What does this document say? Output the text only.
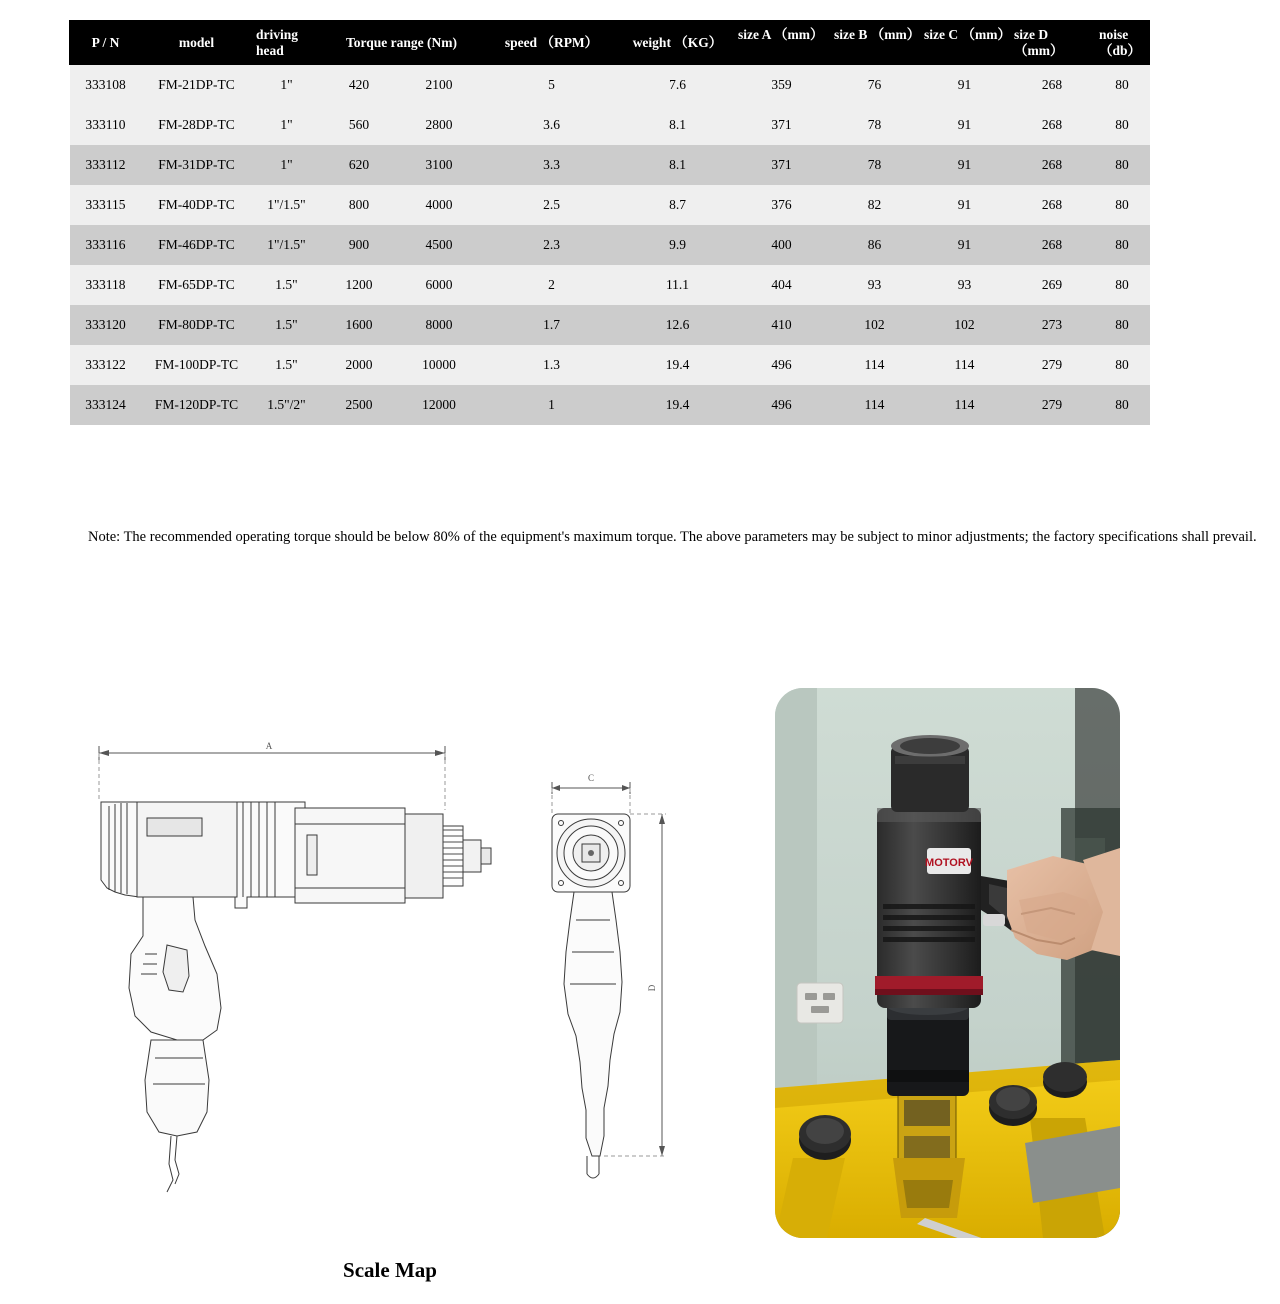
P / N	model	driving head	Torque range (Nm)		speed （RPM）	weight （KG）	size A （mm）	size B （mm）	size C （mm）	size D （mm）	noise （db）
333108	FM-21DP-TC	1"	420	2100	5	7.6	359	76	91	268	80
333110	FM-28DP-TC	1"	560	2800	3.6	8.1	371	78	91	268	80
333112	FM-31DP-TC	1"	620	3100	3.3	8.1	371	78	91	268	80
333115	FM-40DP-TC	1"/1.5"	800	4000	2.5	8.7	376	82	91	268	80
333116	FM-46DP-TC	1"/1.5"	900	4500	2.3	9.9	400	86	91	268	80
333118	FM-65DP-TC	1.5"	1200	6000	2	11.1	404	93	93	269	80
333120	FM-80DP-TC	1.5"	1600	8000	1.7	12.6	410	102	102	273	80
333122	FM-100DP-TC	1.5"	2000	10000	1.3	19.4	496	114	114	279	80
333124	FM-120DP-TC	1.5"/2"	2500	12000	1	19.4	496	114	114	279	80
Note: The recommended operating torque should be below 80% of the equipment's maximum torque. The above parameters may be subject to minor adjustments; the factory specifications shall prevail.
A
C
D
MOTORV
Scale Map
